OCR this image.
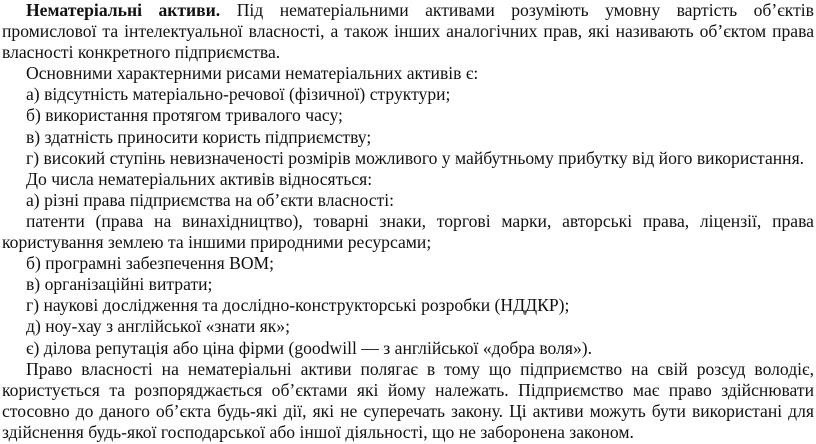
Нематеріальні активи. Під нематеріальними активами розуміють умовну вартість об’єктів промислової та інтелектуальної власності, а також інших аналогічних прав, які називають об’єктом права власності конкретного підприємства.

Основними характерними рисами нематеріальних активів є:

а) відсутність матеріально-речової (фізичної) структури;

б) використання протягом тривалого часу;

в) здатність приносити користь підприємству;

г) високий ступінь невизначеності розмірів можливого у майбутньому прибутку від його використання.

До числа нематеріальних активів відносяться:

а) різні права підприємства на об’єкти власності:

патенти (права на винахідництво), товарні знаки, торгові марки, авторські права, ліцензії, права користування землею та іншими природними ресурсами;

б) програмні забезпечення ВОМ;

в) організаційні витрати;

г) наукові дослідження та дослідно-конструкторські розробки (НДДКР);

д) ноу-хау з англійської «знати як»;

є) ділова репутація або ціна фірми (goodwill — з англійської «добра воля»).

Право власності на нематеріальні активи полягає в тому що підприємство на свій розсуд володіє, користується та розпоряджається об’єктами які йому належать. Підприємство має право здійснювати стосовно до даного об’єкта будь-які дії, які не суперечать закону. Ці активи можуть бути використані для здійснення будь-якої господарської або іншої діяльності, що не заборонена законом.
